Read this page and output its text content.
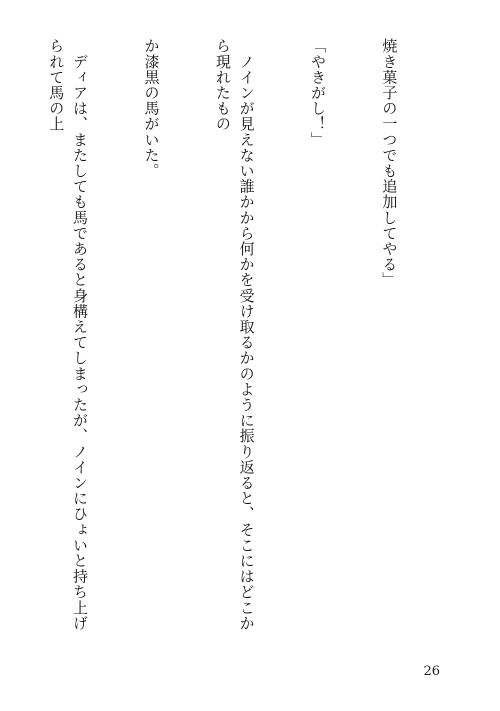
焼き菓子の一つでも追加してやる」

「やきがし！」

　ノインが見えない誰かから何かを受け取るかのように振り返ると、そこにはどこから現れたもの

か漆黒の馬がいた。

　ディアは、またしても馬であると身構えてしまったが、ノインにひょいと持ち上げられて馬の上

26
